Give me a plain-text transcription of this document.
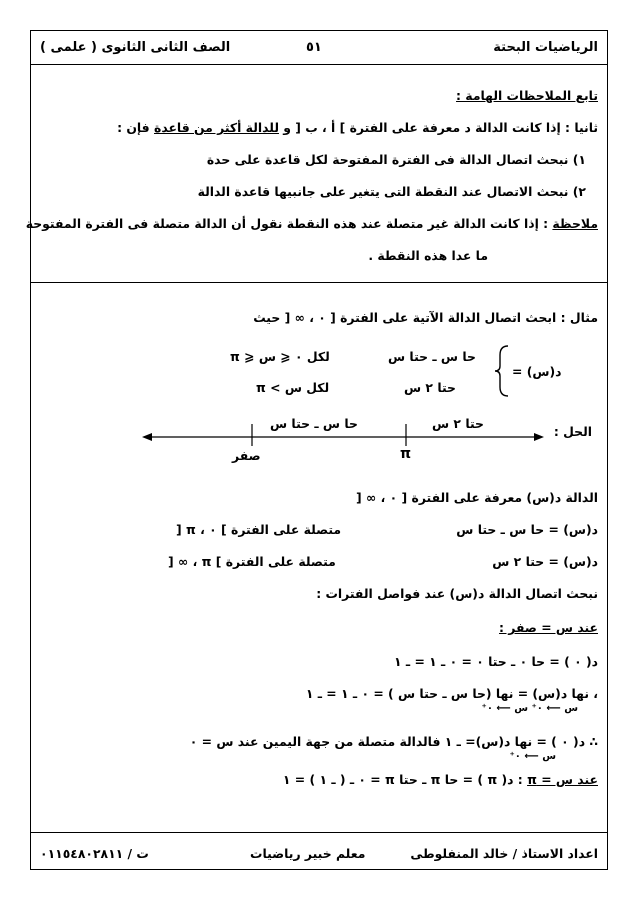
الرياضيات البحتة
٥١
الصف الثانى الثانوى ( علمى )
تابع الملاحظات الهامة :
ثانيا : إذا كانت الدالة د معرفة على الفترة ] أ ، ب [ و للدالة أكثر من قاعدة فإن :
١) نبحث اتصال الدالة فى الفترة المفتوحة لكل قاعدة على حدة
٢) نبحث الاتصال عند النقطة التى يتغير على جانبيها قاعدة الدالة
ملاحظة : إذا كانت الدالة غير متصلة عند هذه النقطة نقول أن الدالة متصلة فى الفترة المفتوحة
ما عدا هذه النقطة .
مثال : ابحث اتصال الدالة الآتية على الفترة [ ٠ ، ∞ [ حيث
د(س) =
حا س ـ حتا س
لكل ٠ ⩽ س ⩽ π
حتا ٢ س
لكل س > π
الحل :
حا س ـ حتا س	حتا ٢ س
صفر	π
الدالة د(س) معرفة على الفترة [ ٠ ، ∞ [
د(س) = حا س ـ حتا س
متصلة على الفترة ] ٠ ، π [
د(س) = حتا ٢ س
متصلة على الفترة ] π ، ∞ [
نبحث اتصال الدالة د(س) عند فواصل الفترات :
عند س = صفر :
د( ٠ ) = حا ٠ ـ حتا ٠ = ٠ ـ ١ = ـ ١
، نها د(س) = نها (حا س ـ حتا س ) = ٠ ـ ١ = ـ ١
س ⟵ ٠⁺ س ⟵ ٠⁺
∴ د( ٠ ) = نها د(س)= ـ ١ فالدالة متصلة من جهة اليمين عند س = ٠
س ⟵ ٠⁺
عند س = π : د( π ) = حا π ـ حتا π = ٠ ـ ( ـ ١ ) = ١
اعداد الاستاذ / خالد المنفلوطى
معلم خبير رياضيات
ت / ٠١١٥٤٨٠٢٨١١
